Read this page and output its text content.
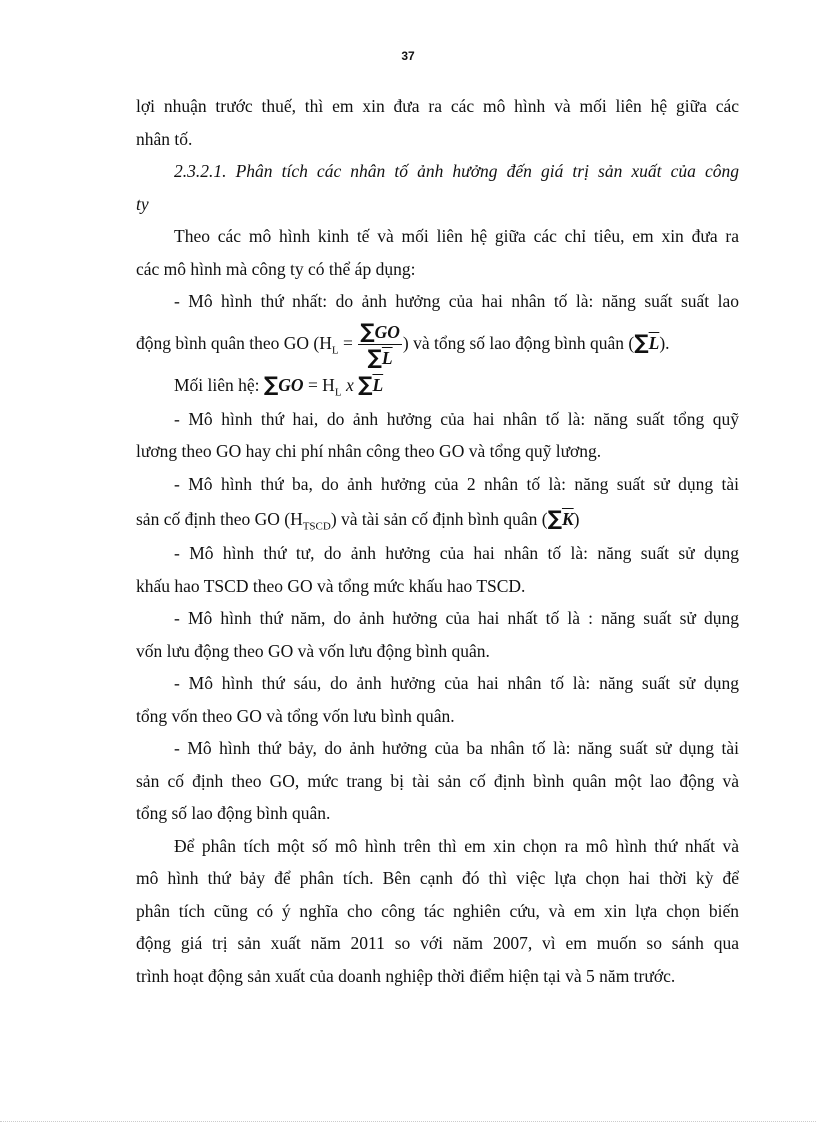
37
lợi nhuận trước thuế, thì em xin đưa ra các mô hình và mối liên hệ giữa các
nhân tố.
2.3.2.1. Phân tích các nhân tố ảnh hưởng đến giá trị sản xuất của công
ty
Theo các mô hình kinh tế và mối liên hệ giữa các chỉ tiêu, em xin đưa ra
các mô hình mà công ty có thể áp dụng:
- Mô hình thứ nhất: do ảnh hưởng của hai nhân tố là: năng suất suất lao
động bình quân theo GO ($H_L = \frac{\sum GO}{\sum\overline{L}}$ ) và tổng số lao động bình quân $(\sum\overline{L})$.
Mối liên hệ: $\sum GO = H_L$ x $\sum\overline{L}$
- Mô hình thứ hai, do ảnh hưởng của hai nhân tố là: năng suất tổng quỹ
lương theo GO hay chi phí nhân công theo GO và tổng quỹ lương.
- Mô hình thứ ba, do ảnh hưởng của 2 nhân tố là: năng suất sử dụng tài
sản cố định theo GO $(H_{TSCD})$ và tài sản cố định bình quân $(\sum\overline{K})$
- Mô hình thứ tư, do ảnh hưởng của hai nhân tố là: năng suất sử dụng
khấu hao TSCD theo GO và tổng mức khấu hao TSCD.
- Mô hình thứ năm, do ảnh hưởng của hai nhất tố là : năng suất sử dụng
vốn lưu động theo GO và vốn lưu động bình quân.
- Mô hình thứ sáu, do ảnh hưởng của hai nhân tố là: năng suất sử dụng
tổng vốn theo GO và tổng vốn lưu bình quân.
- Mô hình thứ bảy, do ảnh hưởng của ba nhân tố là: năng suất sử dụng tài
sản cố định theo GO, mức trang bị tài sản cố định bình quân một lao động và
tổng số lao động bình quân.
Để phân tích một số mô hình trên thì em xin chọn ra mô hình thứ nhất và
mô hình thứ bảy để phân tích. Bên cạnh đó thì việc lựa chọn hai thời kỳ để
phân tích cũng có ý nghĩa cho công tác nghiên cứu, và em xin lựa chọn biến
động giá trị sản xuất năm 2011 so với năm 2007, vì em muốn so sánh qua
trình hoạt động sản xuất của doanh nghiệp thời điểm hiện tại và 5 năm trước.
